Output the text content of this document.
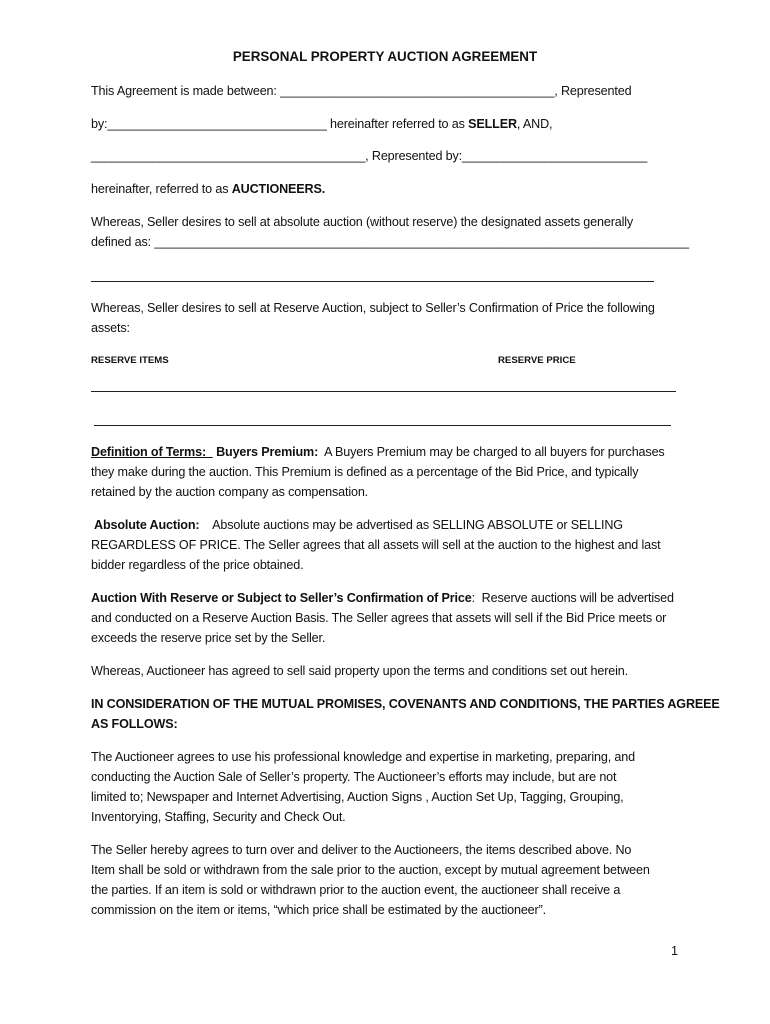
PERSONAL PROPERTY AUCTION AGREEMENT
This Agreement is made between: ________________________________________, Represented
by:________________________________ hereinafter referred to as SELLER, AND,
________________________________________, Represented by:___________________________
hereinafter, referred to as AUCTIONEERS.
Whereas, Seller desires to sell at absolute auction (without reserve) the designated assets generally
defined as: ______________________________________________________________________________
Whereas, Seller desires to sell at Reserve Auction, subject to Seller’s Confirmation of Price the following
assets:
RESERVE ITEMS	RESERVE PRICE
Definition of Terms: Buyers Premium:  A Buyers Premium may be charged to all buyers for purchases
they make during the auction. This Premium is defined as a percentage of the Bid Price, and typically
retained by the auction company as compensation.
Absolute Auction:    Absolute auctions may be advertised as SELLING ABSOLUTE or SELLING
REGARDLESS OF PRICE. The Seller agrees that all assets will sell at the auction to the highest and last
bidder regardless of the price obtained.
Auction With Reserve or Subject to Seller’s Confirmation of Price:  Reserve auctions will be advertised
and conducted on a Reserve Auction Basis. The Seller agrees that assets will sell if the Bid Price meets or
exceeds the reserve price set by the Seller.
Whereas, Auctioneer has agreed to sell said property upon the terms and conditions set out herein.
IN CONSIDERATION OF THE MUTUAL PROMISES, COVENANTS AND CONDITIONS, THE PARTIES AGREEE
AS FOLLOWS:
The Auctioneer agrees to use his professional knowledge and expertise in marketing, preparing, and
conducting the Auction Sale of Seller’s property. The Auctioneer’s efforts may include, but are not
limited to; Newspaper and Internet Advertising, Auction Signs , Auction Set Up, Tagging, Grouping,
Inventorying, Staffing, Security and Check Out.
The Seller hereby agrees to turn over and deliver to the Auctioneers, the items described above. No
Item shall be sold or withdrawn from the sale prior to the auction, except by mutual agreement between
the parties. If an item is sold or withdrawn prior to the auction event, the auctioneer shall receive a
commission on the item or items, “which price shall be estimated by the auctioneer”.
1
